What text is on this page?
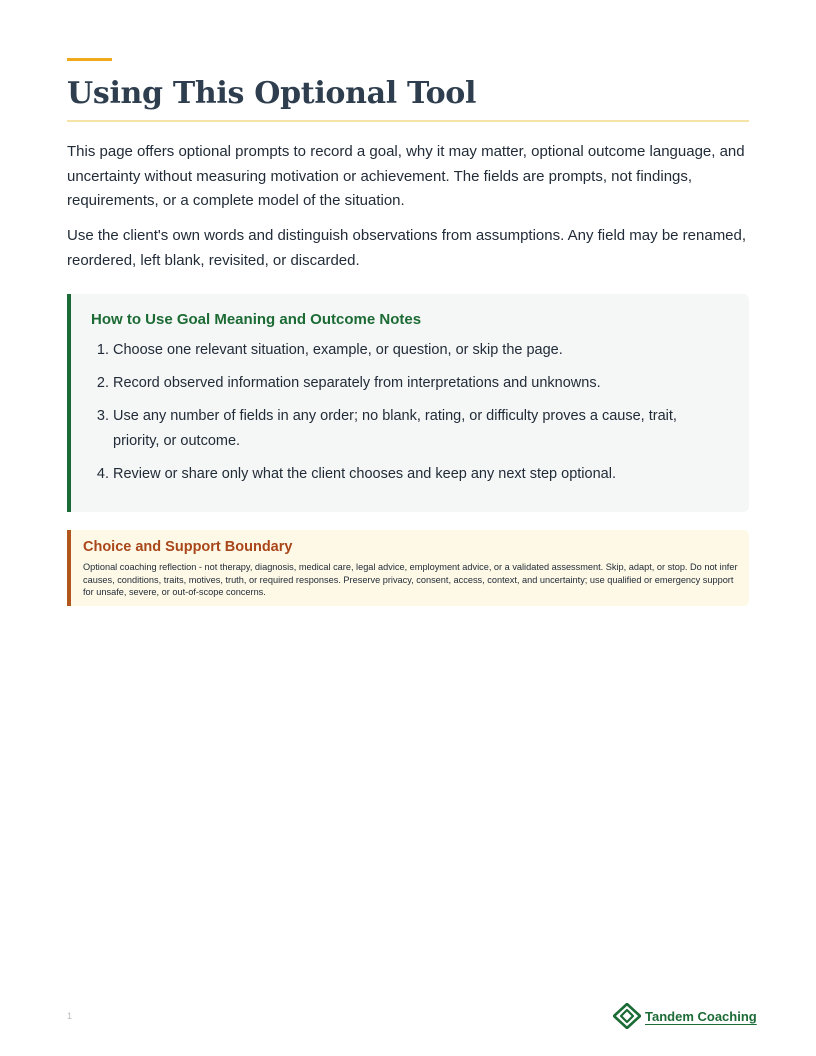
Using This Optional Tool

This page offers optional prompts to record a goal, why it may matter, optional outcome language, and uncertainty without measuring motivation or achievement. The fields are prompts, not findings, requirements, or a complete model of the situation.

Use the client's own words and distinguish observations from assumptions. Any field may be renamed, reordered, left blank, revisited, or discarded.

How to Use Goal Meaning and Outcome Notes
1. Choose one relevant situation, example, or question, or skip the page.
2. Record observed information separately from interpretations and unknowns.
3. Use any number of fields in any order; no blank, rating, or difficulty proves a cause, trait, priority, or outcome.
4. Review or share only what the client chooses and keep any next step optional.
Choice and Support Boundary

Optional coaching reflection - not therapy, diagnosis, medical care, legal advice, employment advice, or a validated assessment. Skip, adapt, or stop. Do not infer causes, conditions, traits, motives, truth, or required responses. Preserve privacy, consent, access, context, and uncertainty; use qualified or emergency support for unsafe, severe, or out-of-scope concerns.

1	Tandem Coaching
